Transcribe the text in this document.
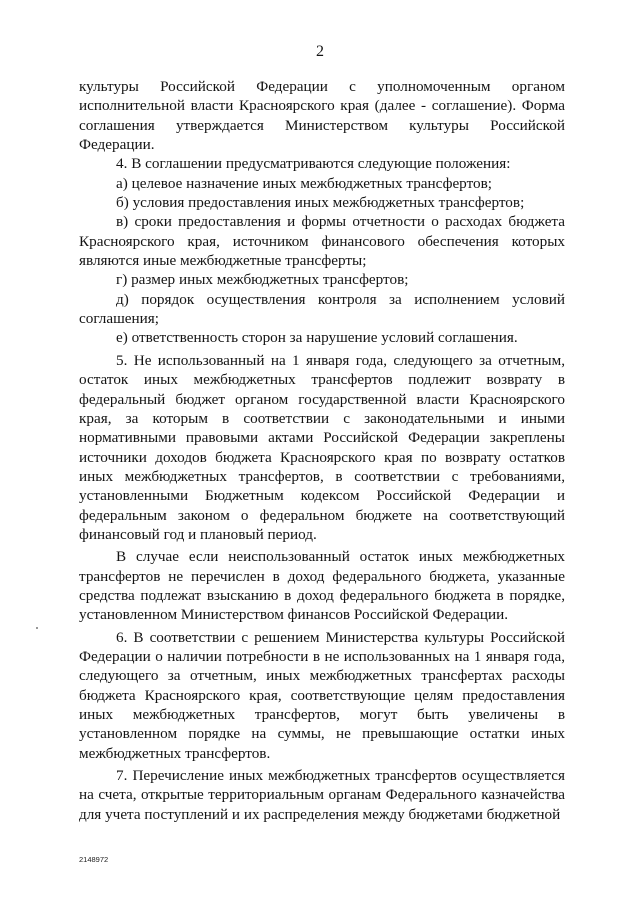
2

культуры Российской Федерации с уполномоченным органом исполнительной власти Красноярского края (далее - соглашение). Форма соглашения утверждается Министерством культуры Российской Федерации.

4. В соглашении предусматриваются следующие положения:

а) целевое назначение иных межбюджетных трансфертов;

б) условия предоставления иных межбюджетных трансфертов;

в) сроки предоставления и формы отчетности о расходах бюджета Красноярского края, источником финансового обеспечения которых являются иные межбюджетные трансферты;

г) размер иных межбюджетных трансфертов;

д) порядок осуществления контроля за исполнением условий соглашения;

е) ответственность сторон за нарушение условий соглашения.

5. Не использованный на 1 января года, следующего за отчетным, остаток иных межбюджетных трансфертов подлежит возврату в федеральный бюджет органом государственной власти Красноярского края, за которым в соответствии с законодательными и иными нормативными правовыми актами Российской Федерации закреплены источники доходов бюджета Красноярского края по возврату остатков иных межбюджетных трансфертов, в соответствии с требованиями, установленными Бюджетным кодексом Российской Федерации и федеральным законом о федеральном бюджете на соответствующий финансовый год и плановый период.

В случае если неиспользованный остаток иных межбюджетных трансфертов не перечислен в доход федерального бюджета, указанные средства подлежат взысканию в доход федерального бюджета в порядке, установленном Министерством финансов Российской Федерации.

6. В соответствии с решением Министерства культуры Российской Федерации о наличии потребности в не использованных на 1 января года, следующего за отчетным, иных межбюджетных трансфертах расходы бюджета Красноярского края, соответствующие целям предоставления иных межбюджетных трансфертов, могут быть увеличены в установленном порядке на суммы, не превышающие остатки иных межбюджетных трансфертов.

7. Перечисление иных межбюджетных трансфертов осуществляется на счета, открытые территориальным органам Федерального казначейства для учета поступлений и их распределения между бюджетами бюджетной

2148972
